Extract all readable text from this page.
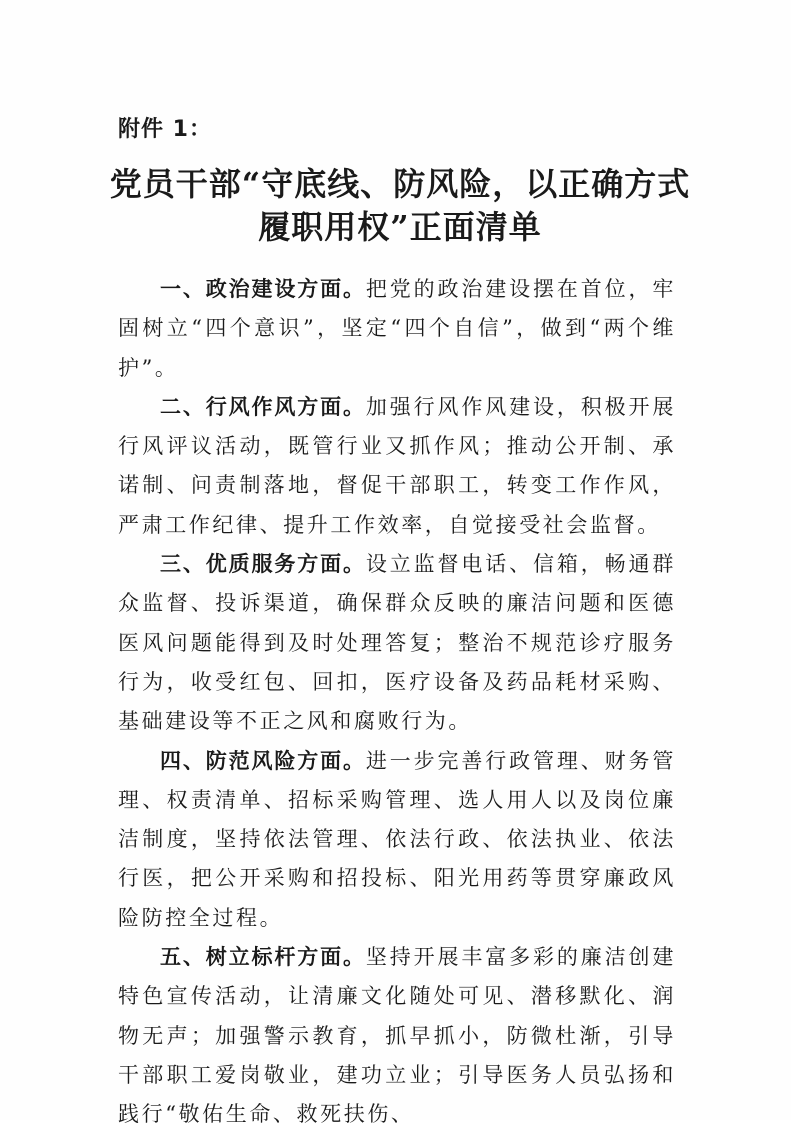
附件 1：
党员干部“守底线、防风险，以正确方式
履职用权”正面清单

一、政治建设方面。把党的政治建设摆在首位，牢固树立“四个意识”，坚定“四个自信”，做到“两个维护”。

二、行风作风方面。加强行风作风建设，积极开展行风评议活动，既管行业又抓作风；推动公开制、承诺制、问责制落地，督促干部职工，转变工作作风，严肃工作纪律、提升工作效率，自觉接受社会监督。

三、优质服务方面。设立监督电话、信箱，畅通群众监督、投诉渠道，确保群众反映的廉洁问题和医德医风问题能得到及时处理答复；整治不规范诊疗服务行为，收受红包、回扣，医疗设备及药品耗材采购、基础建设等不正之风和腐败行为。

四、防范风险方面。进一步完善行政管理、财务管理、权责清单、招标采购管理、选人用人以及岗位廉洁制度，坚持依法管理、依法行政、依法执业、依法行医，把公开采购和招投标、阳光用药等贯穿廉政风险防控全过程。

五、树立标杆方面。坚持开展丰富多彩的廉洁创建特色宣传活动，让清廉文化随处可见、潜移默化、润物无声；加强警示教育，抓早抓小，防微杜渐，引导干部职工爱岗敬业，建功立业；引导医务人员弘扬和践行“敬佑生命、救死扶伤、
